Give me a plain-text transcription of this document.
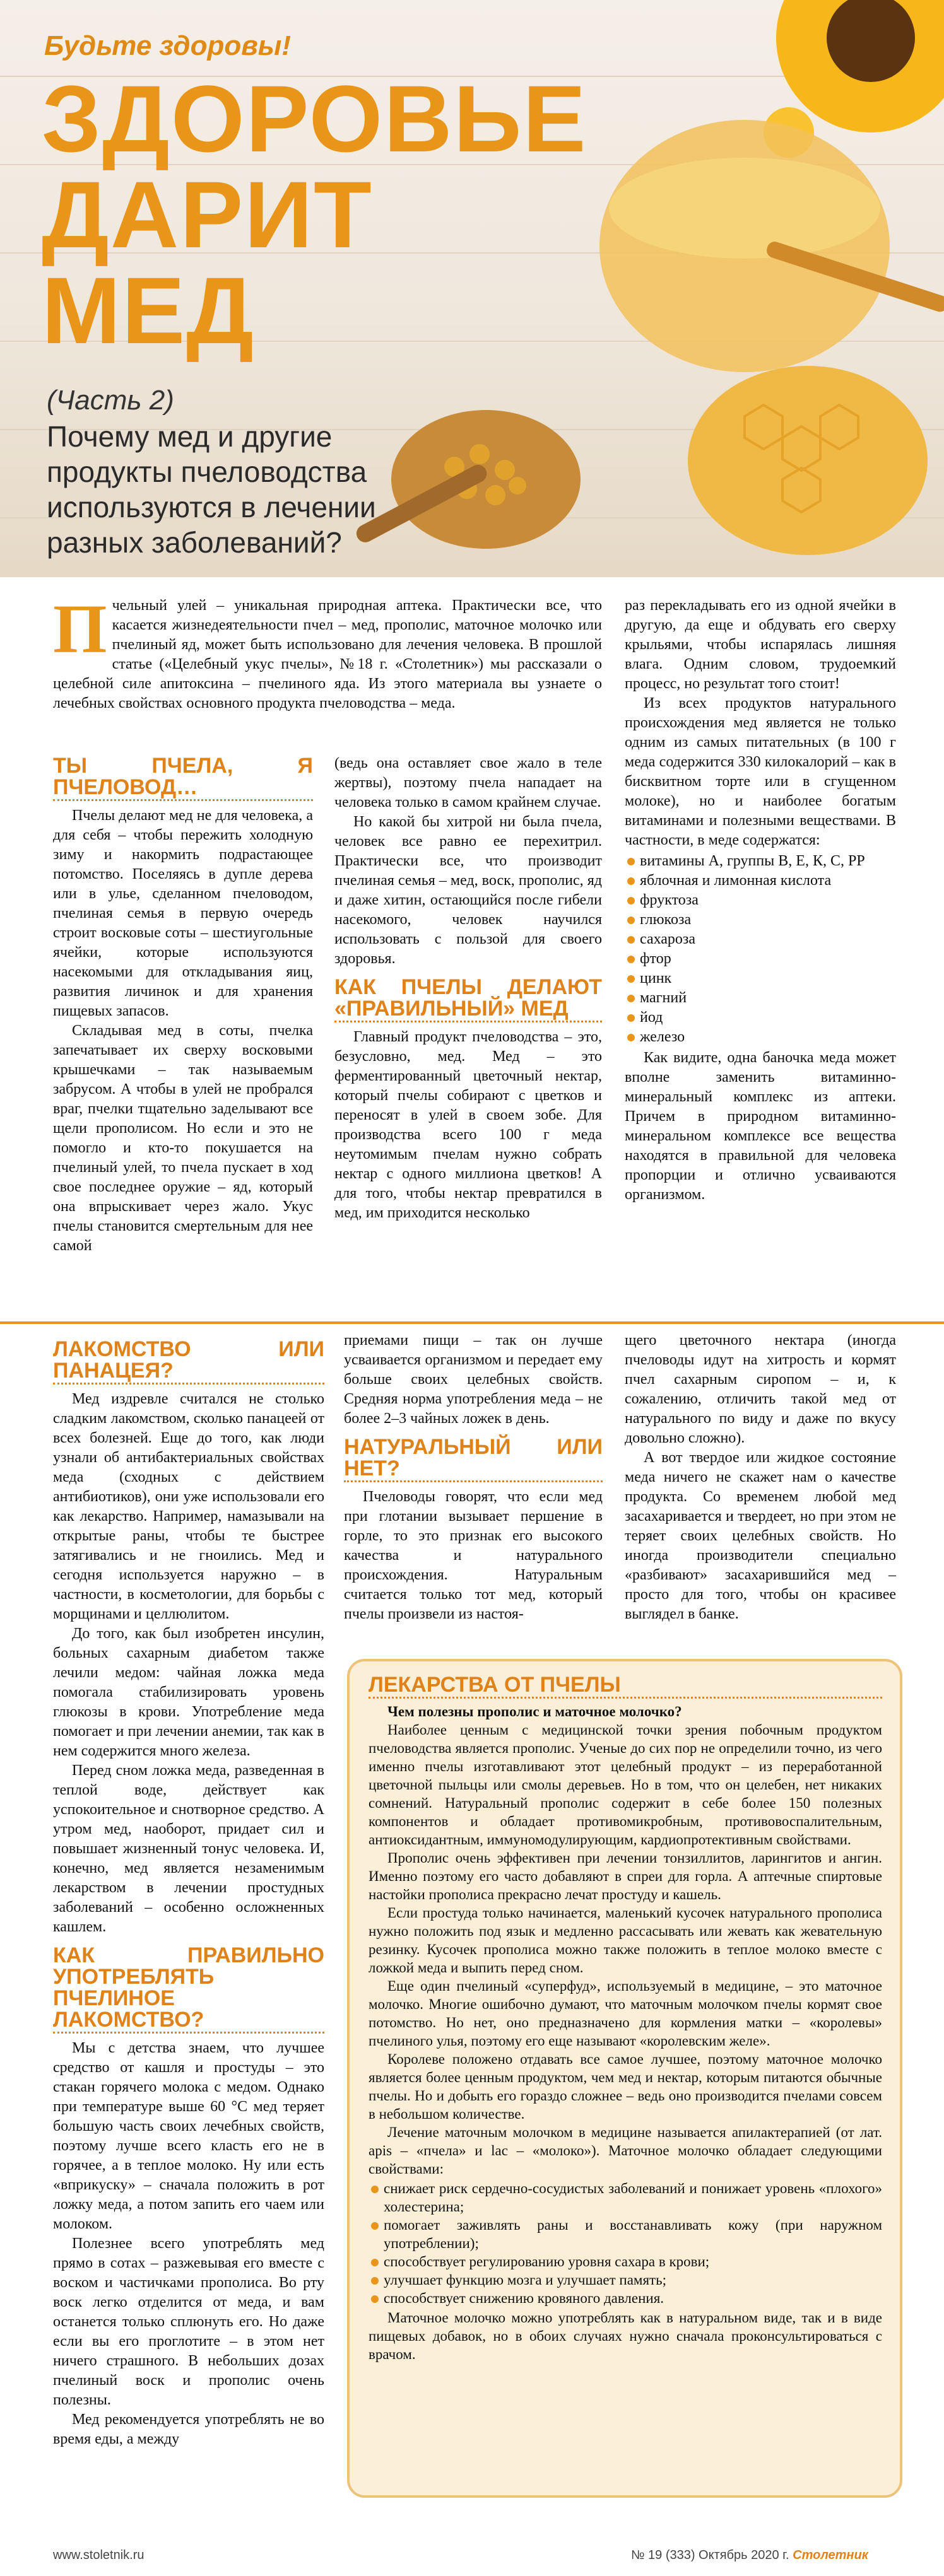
Будьте здоровы!
ЗДОРОВЬЕ
ДАРИТ
МЕД
(Часть 2)
Почему мед и другие продукты пчеловодства используются в лечении разных заболеваний?
П чельный улей – уникальная природная аптека. Практически все, что касается жизнедеятельности пчел – мед, прополис, маточное молочко или пчелиный яд, может быть использовано для лечения человека. В прошлой статье («Целебный укус пчелы», №18 г. «Столетник») мы рассказали о целебной силе апитоксина – пчелиного яда. Из этого материала вы узнаете о лечебных свойствах основного продукта пчеловодства – меда.
ТЫ ПЧЕЛА, Я ПЧЕЛОВОД…

Пчелы делают мед не для человека, а для себя – чтобы пережить холодную зиму и накормить подрастающее потомство. Поселяясь в дупле дерева или в улье, сделанном пчеловодом, пчелиная семья в первую очередь строит восковые соты – шестиугольные ячейки, которые используются насекомыми для откладывания яиц, развития личинок и для хранения пищевых запасов.

Складывая мед в соты, пчелка запечатывает их сверху восковыми крышечками – так называемым забрусом. А чтобы в улей не пробрался враг, пчелки тщательно заделывают все щели прополисом. Но если и это не помогло и кто-то покушается на пчелиный улей, то пчела пускает в ход свое последнее оружие – яд, который она впрыскивает через жало. Укус пчелы становится смертельным для нее самой

(ведь она оставляет свое жало в теле жертвы), поэтому пчела нападает на человека только в самом крайнем случае.

Но какой бы хитрой ни была пчела, человек все равно ее перехитрил. Практически все, что производит пчелиная семья – мед, воск, прополис, яд и даже хитин, остающийся после гибели насекомого, человек научился использовать с пользой для своего здоровья.

КАК ПЧЕЛЫ ДЕЛАЮТ «ПРАВИЛЬНЫЙ» МЕД

Главный продукт пчеловодства – это, безусловно, мед. Мед – это ферментированный цветочный нектар, который пчелы собирают с цветков и переносят в улей в своем зобе. Для производства всего 100 г меда неутомимым пчелам нужно собрать нектар с одного миллиона цветков! А для того, чтобы нектар превратился в мед, им приходится несколько

раз перекладывать его из одной ячейки в другую, да еще и обдувать его сверху крыльями, чтобы испарялась лишняя влага. Одним словом, трудоемкий процесс, но результат того стоит!

Из всех продуктов натурального происхождения мед является не только одним из самых питательных (в 100 г меда содержится 330 килокалорий – как в бисквитном торте или в сгущенном молоке), но и наиболее богатым витаминами и полезными веществами. В частности, в меде содержатся:

витамины А, группы В, Е, К, С, РР
яблочная и лимонная кислота
фруктоза
глюкоза
сахароза
фтор
цинк
магний
йод
железо

Как видите, одна баночка меда может вполне заменить витаминно-минеральный комплекс из аптеки. Причем в природном витаминно-минеральном комплексе все вещества находятся в правильной для человека пропорции и отлично усваиваются организмом.

ЛАКОМСТВО ИЛИ ПАНАЦЕЯ?

Мед издревле считался не столько сладким лакомством, сколько панацеей от всех болезней. Еще до того, как люди узнали об антибактериальных свойствах меда (сходных с действием антибиотиков), они уже использовали его как лекарство. Например, намазывали на открытые раны, чтобы те быстрее затягивались и не гноились. Мед и сегодня используется наружно – в частности, в косметологии, для борьбы с морщинами и целлюлитом.

До того, как был изобретен инсулин, больных сахарным диабетом также лечили медом: чайная ложка меда помогала стабилизировать уровень глюкозы в крови. Употребление меда помогает и при лечении анемии, так как в нем содержится много железа.

Перед сном ложка меда, разведенная в теплой воде, действует как успокоительное и снотворное средство. А утром мед, наоборот, придает сил и повышает жизненный тонус человека. И, конечно, мед является незаменимым лекарством в лечении простудных заболеваний – особенно осложненных кашлем.

КАК ПРАВИЛЬНО УПОТРЕБЛЯТЬ ПЧЕЛИНОЕ ЛАКОМСТВО?

Мы с детства знаем, что лучшее средство от кашля и простуды – это стакан горячего молока с медом. Однако при температуре выше 60 °С мед теряет большую часть своих лечебных свойств, поэтому лучше всего класть его не в горячее, а в теплое молоко. Ну или есть «вприкуску» – сначала положить в рот ложку меда, а потом запить его чаем или молоком.

Полезнее всего употреблять мед прямо в сотах – разжевывая его вместе с воском и частичками прополиса. Во рту воск легко отделится от меда, и вам останется только сплюнуть его. Но даже если вы его проглотите – в этом нет ничего страшного. В небольших дозах пчелиный воск и прополис очень полезны.

Мед рекомендуется употреблять не во время еды, а между

приемами пищи – так он лучше усваивается организмом и передает ему больше своих целебных свойств. Средняя норма употребления меда – не более 2–3 чайных ложек в день.

НАТУРАЛЬНЫЙ ИЛИ НЕТ?

Пчеловоды говорят, что если мед при глотании вызывает першение в горле, то это признак его высокого качества и натурального происхождения. Натуральным считается только тот мед, который пчелы произвели из настоя-

щего цветочного нектара (иногда пчеловоды идут на хитрость и кормят пчел сахарным сиропом – и, к сожалению, отличить такой мед от натурального по виду и даже по вкусу довольно сложно).

А вот твердое или жидкое состояние меда ничего не скажет нам о качестве продукта. Со временем любой мед засахаривается и твердеет, но при этом не теряет своих целебных свойств. Но иногда производители специально «разбивают» засахарившийся мед – просто для того, чтобы он красивее выглядел в банке.

ЛЕКАРСТВА ОТ ПЧЕЛЫ

Чем полезны прополис и маточное молочко?

Наиболее ценным с медицинской точки зрения побочным продуктом пчеловодства является прополис. Ученые до сих пор не определили точно, из чего именно пчелы изготавливают этот целебный продукт – из переработанной цветочной пыльцы или смолы деревьев. Но в том, что он целебен, нет никаких сомнений. Натуральный прополис содержит в себе более 150 полезных компонентов и обладает противомикробным, противовоспалительным, антиоксидантным, иммуномодулирующим, кардиопротективным свойствами.

Прополис очень эффективен при лечении тонзиллитов, ларингитов и ангин. Именно поэтому его часто добавляют в спреи для горла. А аптечные спиртовые настойки прополиса прекрасно лечат простуду и кашель.

Если простуда только начинается, маленький кусочек натурального прополиса нужно положить под язык и медленно рассасывать или жевать как жевательную резинку. Кусочек прополиса можно также положить в теплое молоко вместе с ложкой меда и выпить перед сном.

Еще один пчелиный «суперфуд», используемый в медицине, – это маточное молочко. Многие ошибочно думают, что маточным молочком пчелы кормят свое потомство. Но нет, оно предназначено для кормления матки – «королевы» пчелиного улья, поэтому его еще называют «королевским желе».

Королеве положено отдавать все самое лучшее, поэтому маточное молочко является более ценным продуктом, чем мед и нектар, которым питаются обычные пчелы. Но и добыть его гораздо сложнее – ведь оно производится пчелами совсем в небольшом количестве.

Лечение маточным молочком в медицине называется апилактерапией (от лат. apis – «пчела» и lac – «молоко»). Маточное молочко обладает следующими свойствами:

снижает риск сердечно-сосудистых заболеваний и понижает уровень «плохого» холестерина;
помогает заживлять раны и восстанавливать кожу (при наружном употреблении);
способствует регулированию уровня сахара в крови;
улучшает функцию мозга и улучшает память;
способствует снижению кровяного давления.

Маточное молочко можно употреблять как в натуральном виде, так и в виде пищевых добавок, но в обоих случаях нужно сначала проконсультироваться с врачом.

www.stoletnik.ru	№ 19 (333) Октябрь 2020 г. Столетник
